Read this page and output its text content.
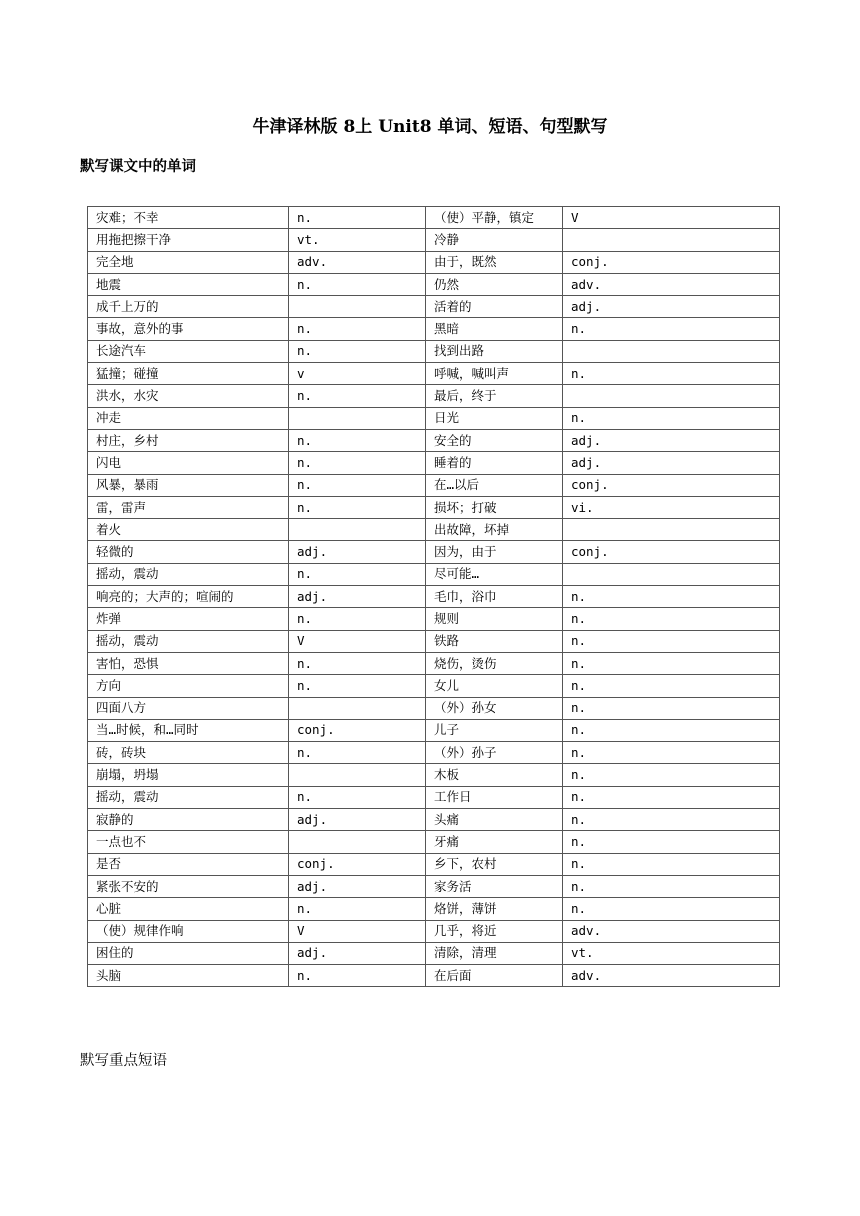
牛津译林版 8上 Unit8 单词、短语、句型默写
默写课文中的单词
灾难；不幸	n.	（使）平静，镇定	V
用拖把擦干净	vt.	冷静	
完全地	adv.	由于，既然	conj.
地震	n.	仍然	adv.
成千上万的		活着的	adj.
事故，意外的事	n.	黑暗	n.
长途汽车	n.	找到出路	
猛撞；碰撞	v	呼喊，喊叫声	n.
洪水，水灾	n.	最后，终于	
冲走		日光	n.
村庄，乡村	n.	安全的	adj.
闪电	n.	睡着的	adj.
风暴，暴雨	n.	在…以后	conj.
雷，雷声	n.	损坏；打破	vi.
着火		出故障，坏掉	
轻微的	adj.	因为，由于	conj.
摇动，震动	n.	尽可能…	
响亮的；大声的；喧闹的	adj.	毛巾，浴巾	n.
炸弹	n.	规则	n.
摇动，震动	V	铁路	n.
害怕，恐惧	n.	烧伤，烫伤	n.
方向	n.	女儿	n.
四面八方		（外）孙女	n.
当…时候，和…同时	conj.	儿子	n.
砖，砖块	n.	（外）孙子	n.
崩塌，坍塌		木板	n.
摇动，震动	n.	工作日	n.
寂静的	adj.	头痛	n.
一点也不		牙痛	n.
是否	conj.	乡下，农村	n.
紧张不安的	adj.	家务活	n.
心脏	n.	烙饼，薄饼	n.
（使）规律作响	V	几乎，将近	adv.
困住的	adj.	清除，清理	vt.
头脑	n.	在后面	adv.

默写重点短语
